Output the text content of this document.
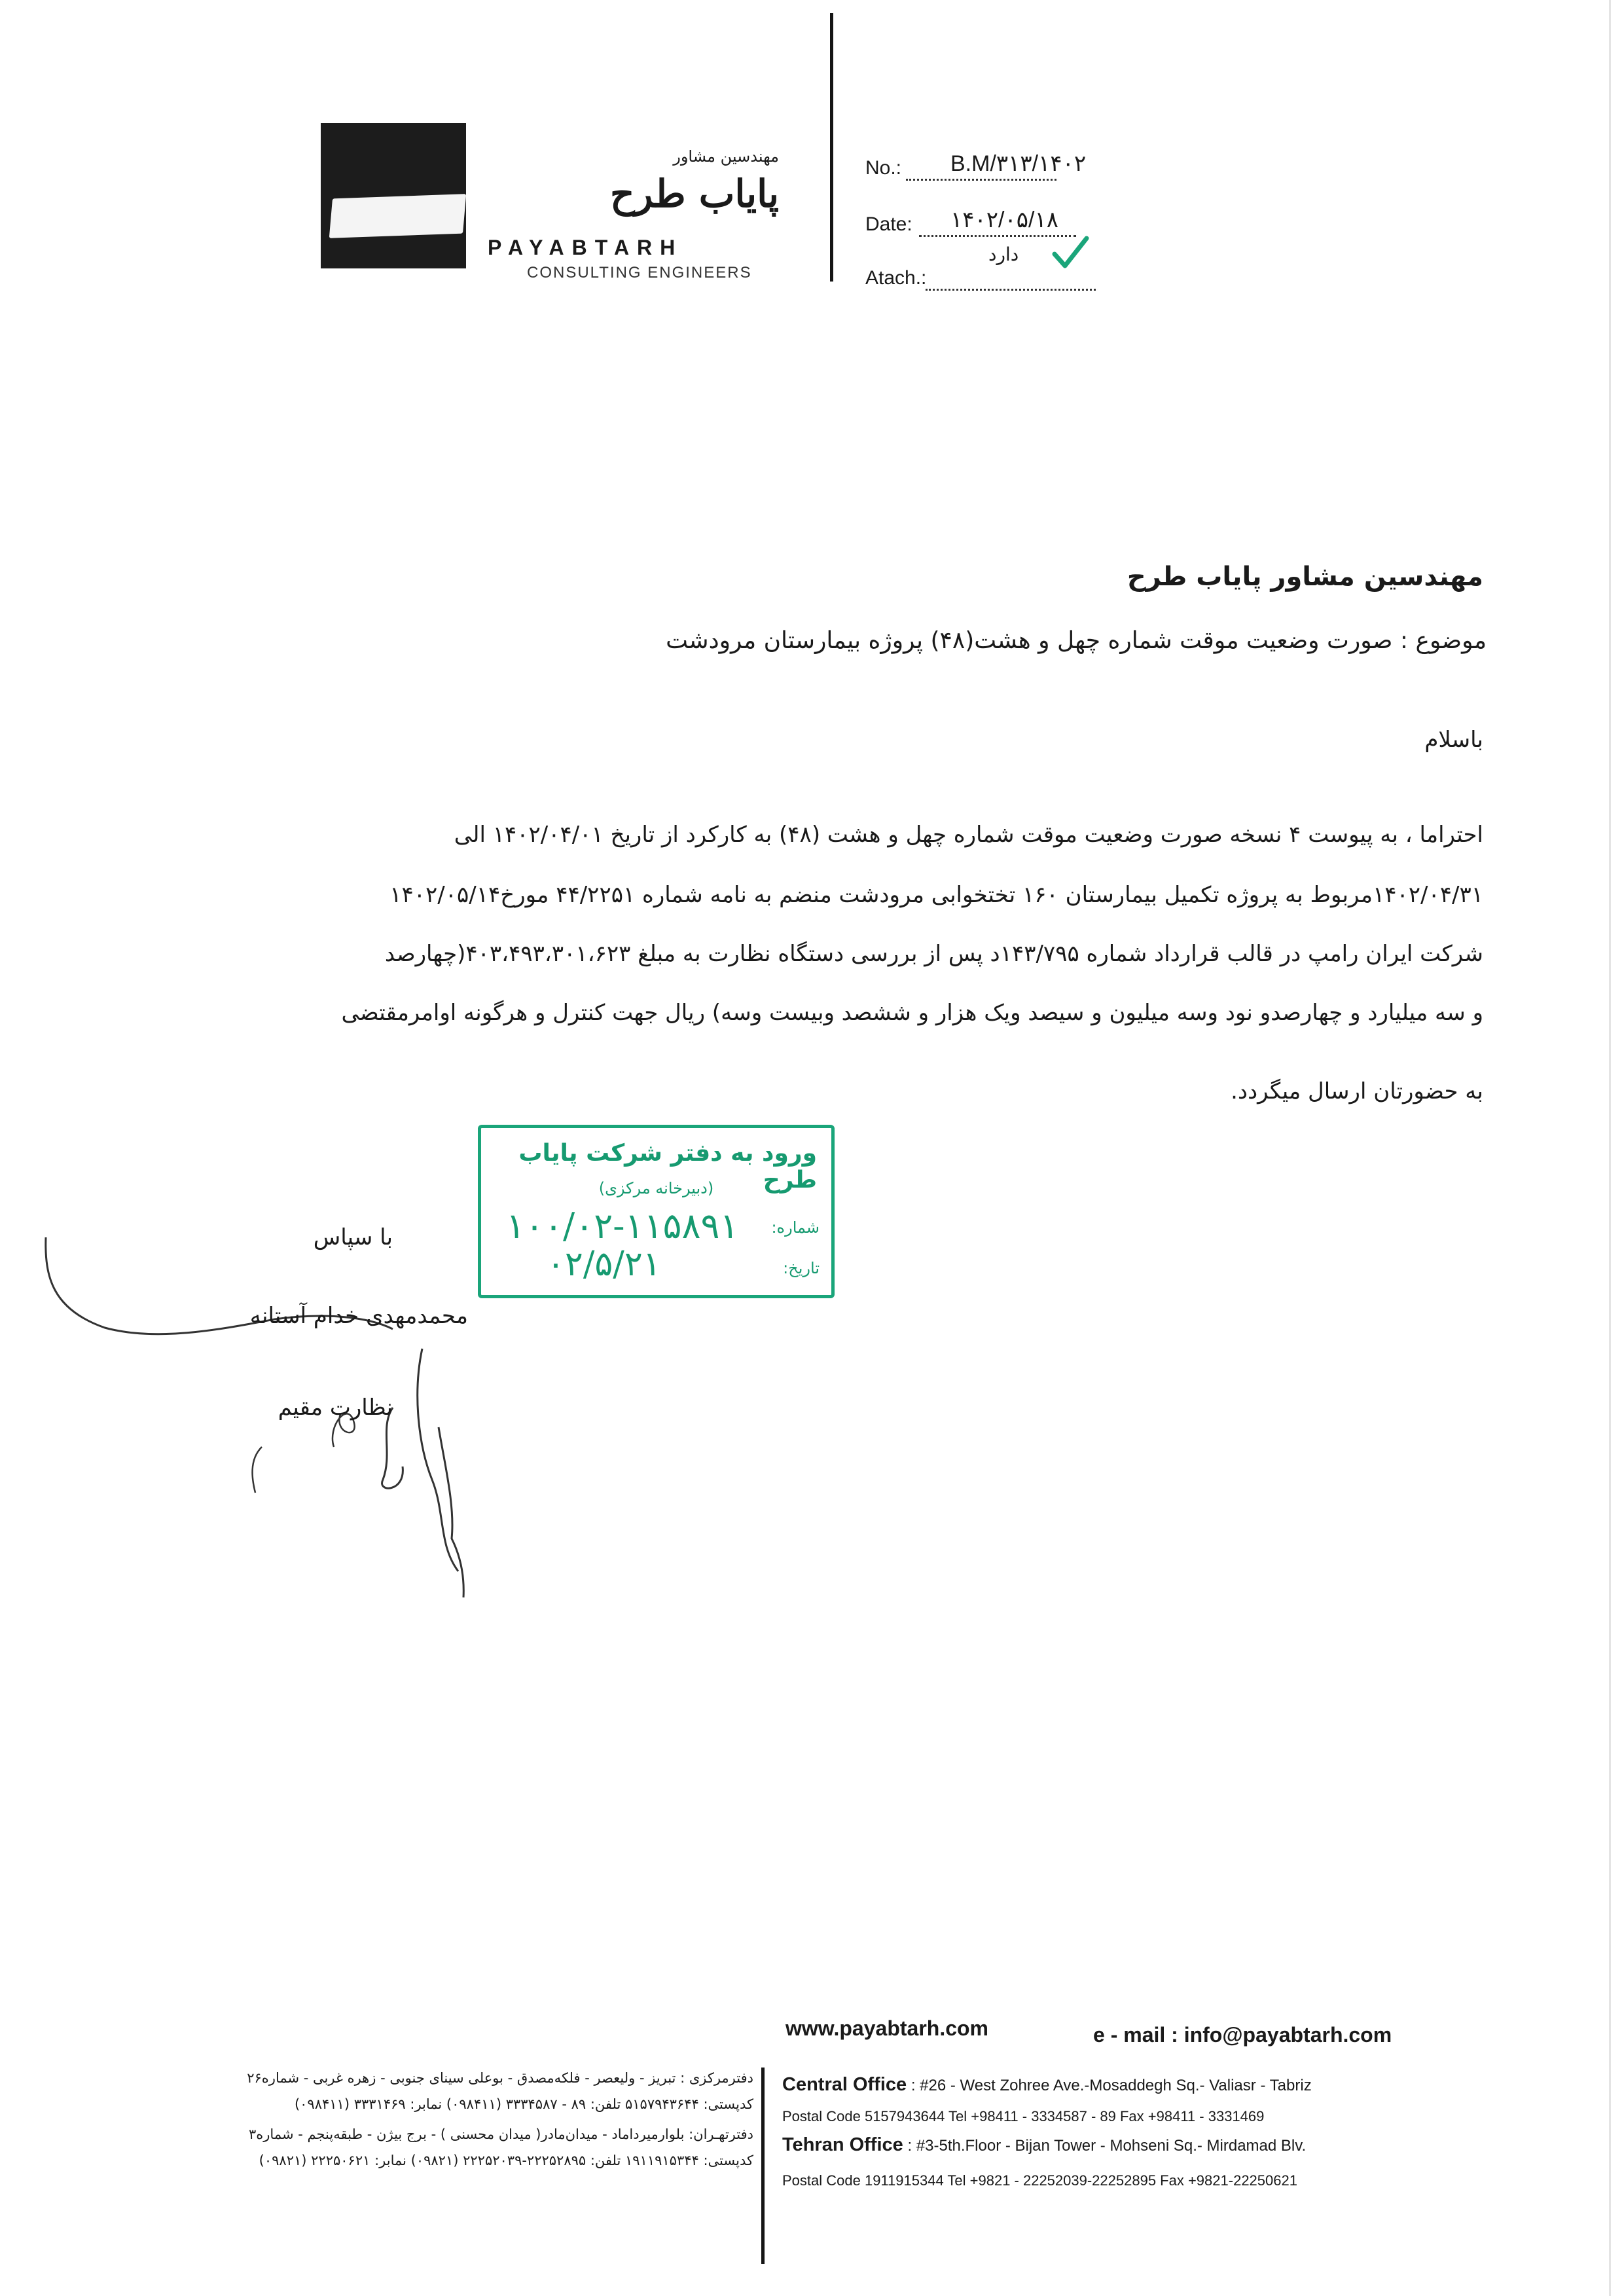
مهندسین مشاور
پایاب طرح
PAYABTARH
CONSULTING ENGINEERS
No.: B.M/۳۱۳/۱۴۰۲
Date: ۱۴۰۲/۰۵/۱۸
Atach.:
دارد
مهندسین مشاور پایاب طرح
موضوع : صورت وضعیت موقت شماره چهل و هشت(۴۸) پروژه بیمارستان مرودشت
باسلام
احتراما ، به پیوست ۴ نسخه صورت وضعیت موقت شماره چهل و هشت (۴۸) به کارکرد از تاریخ ۱۴۰۲/۰۴/۰۱ الی
۱۴۰۲/۰۴/۳۱مربوط به پروژه تکمیل بیمارستان ۱۶۰ تختخوابی مرودشت منضم به نامه شماره ۴۴/۲۲۵۱ مورخ۱۴۰۲/۰۵/۱۴
شرکت ایران رامپ در قالب قرارداد شماره ۱۴۳/۷۹۵د پس از بررسی دستگاه نظارت به مبلغ ۴۰۳،۴۹۳،۳۰۱،۶۲۳(چهارصد
و سه میلیارد و چهارصدو نود وسه میلیون و سیصد ویک هزار و ششصد وبیست وسه) ریال جهت کنترل و هرگونه اوامرمقتضی
به حضورتان ارسال میگردد.
ورود به دفتر شرکت پایاب طرح
(دبیرخانه مرکزی)
شماره:
۱۰۰/۰۲-۱۱۵۸۹۱
تاریخ:
۰۲/۵/۲۱
با سپاس
محمدمهدی خدام آستانه
نظارت مقیم
www.payabtarh.com	e - mail : info@payabtarh.com
Central Office : #26 - West Zohree Ave.-Mosaddegh Sq.- Valiasr - Tabriz
Postal Code 5157943644 Tel +98411 - 3334587 - 89 Fax +98411 - 3331469
Tehran Office : #3-5th.Floor - Bijan Tower - Mohseni Sq.- Mirdamad Blv.
Postal Code 1911915344 Tel +9821 - 22252039-22252895 Fax +9821-22250621
دفترمرکزی : تبریز - ولیعصر - فلکه‌مصدق - بوعلی سینای جنوبی - زهره غربی - شماره۲۶
کدپستی: ۵۱۵۷۹۴۳۶۴۴ تلفن: ۸۹ - ۳۳۳۴۵۸۷ (۰۹۸۴۱۱) نمابر: ۳۳۳۱۴۶۹ (۰۹۸۴۱۱)
دفترتهـران: بلوارمیرداماد - میدان‌مادر( میدان محسنی ) - برج بیژن - طبقه‌پنجم - شماره۳
کدپستی: ۱۹۱۱۹۱۵۳۴۴ تلفن: ۲۲۲۵۲۸۹۵-۲۲۲۵۲۰۳۹ (۰۹۸۲۱) نمابر: ۲۲۲۵۰۶۲۱ (۰۹۸۲۱)
